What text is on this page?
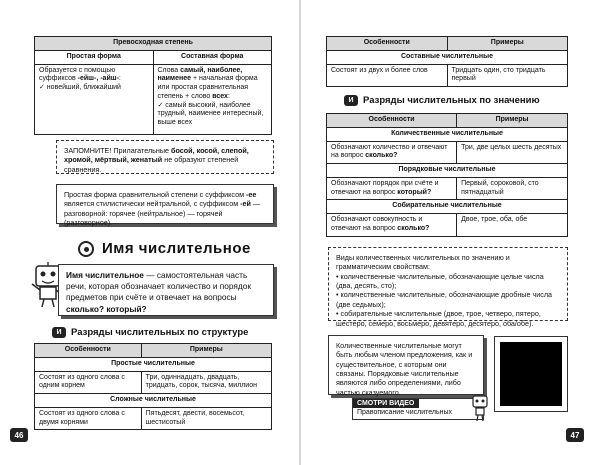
Превосходная степень	
Простая форма	Составная форма
Образуется с помощью суффиксов -ейш-, -айш-:
✓ новейший, ближайший	Слова самый, наиболее, наименее + начальная форма или простая сравнительная степень + слово всех:
✓ самый высокий, наиболее трудный, наименее интересный, выше всех
ЗАПОМНИТЕ! Прилагательные босой, косой, слепой, хромой, мёртвый, женатый не образуют степеней сравнения.
Простая форма сравнительной степени с суффиксом -ее является стилистически нейтральной, с суффиксом -ей — разговорной: горячее (нейтральное) — горячей (разговорное).
Имя числительное
Имя числительное — самостоятельная часть речи, которая обозначает количество и порядок предметов при счёте и отвечает на вопросы сколько? который?
И Разряды числительных по структуре
Особенности	Примеры
Простые числительные	
Состоят из одного слова с одним корнем	Три, одиннадцать, двадцать, тридцать, сорок, тысяча, миллион
Сложные числительные	
Состоят из одного слова с двумя корнями	Пятьдесят, двести, восемьсот, шестисотый
46
Особенности	Примеры
Составные числительные	
Состоят из двух и более слов	Тридцать один, сто тридцать первый
И Разряды числительных по значению
Особенности	Примеры
Количественные числительные	
Обозначают количество и отвечают на вопрос сколько?	Три, две целых шесть десятых
Порядковые числительные	
Обозначают порядок при счёте и отвечают на вопрос который?	Первый, сороковой, сто пятнадцатый
Собирательные числительные	
Обозначают совокупность и отвечают на вопрос сколько?	Двое, трое, оба, обе
Виды количественных числительных по значению и грамматическим свойствам:
• количественные числительные, обозначающие целые числа (два, десять, сто);
• количественные числительные, обозначающие дробные числа (две седьмых);
• собирательные числительные (двое, трое, четверо, пятеро, шестеро, семеро, восьмеро, девятеро, десятеро, оба/обе).
Количественные числительные могут быть любым членом предложения, как и существительное, с которым они связаны. Порядковые числительные являются либо определениями, либо частью сказуемого.
СМОТРИ ВИДЕО
Правописание числительных
47
